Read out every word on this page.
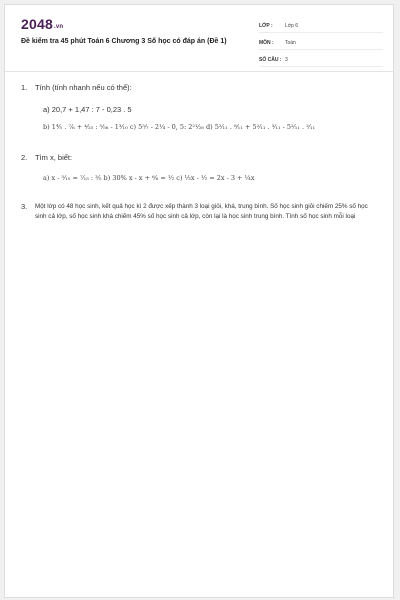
2048.vn
Đề kiểm tra 45 phút Toán 6 Chương 3 Số học có đáp án (Đề 1)
LỚP :	Lớp 6
MÔN :	Toán
SỐ CÂU : 3
1.	Tính (tính nhanh nếu có thể):
a) 20,7 + 1,47 : 7 - 0,23 . 5
b) 1⅘ . ⁷⁄₆ + ⁴⁄₂₅ : ⁵⁄₅₈ - 1³⁄₁₀ c) 5⁵⁄₇ - 2¼ - 0, 5: 2²¹⁄₂₈ d) 5²⁄₁₁ . ⁸⁄₁₁ + 5²⁄₁₁ . ³⁄₁₁ - 5²⁄₁₁ . ²⁄₁₁
2.	Tìm x, biết:
a) x - ⁵⁄₁₀ = ⁷⁄₁₅ : ³⁄₅ b) 30% x - x + ⁶⁄₆ = ½ c) ⅓x - ½ = 2x - 3 + ¼x
3.	Một lớp có 48 học sinh, kết quả học kì 2 được xếp thành 3 loại giỏi, khá, trung bình. Số học sinh giỏi chiếm 25% số học sinh cả lớp, số học sinh khá chiếm 45% số học sinh cả lớp, còn lại là học sinh trung bình. Tính số học sinh mỗi loại
